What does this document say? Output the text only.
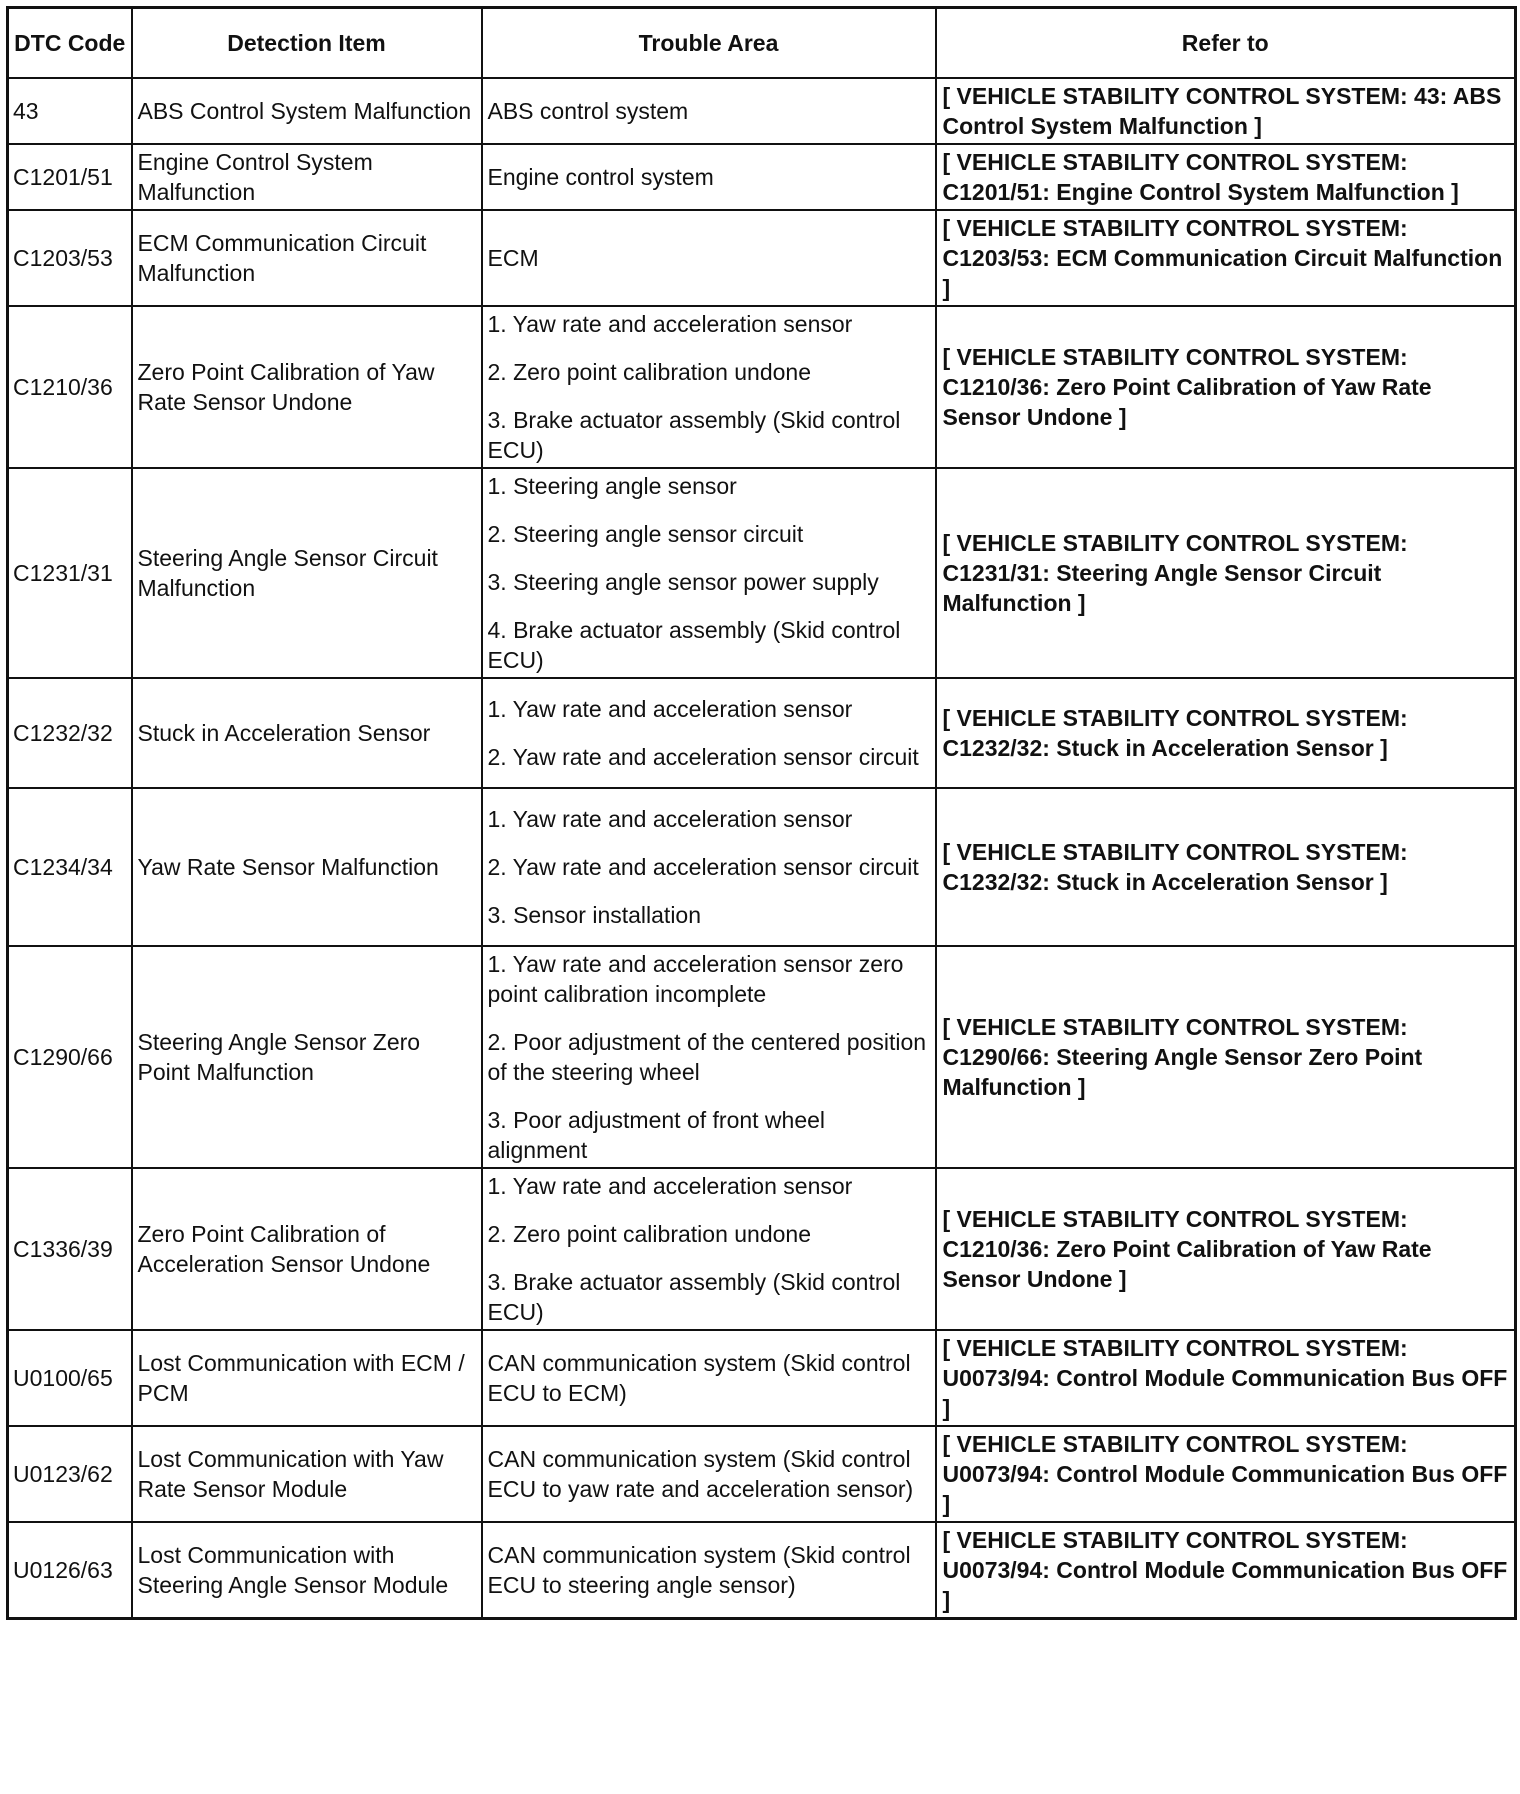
DTC Code	Detection Item	Trouble Area	Refer to
43	ABS Control System Malfunction	ABS control system	[ VEHICLE STABILITY CONTROL SYSTEM: 43: ABS Control System Malfunction ]
C1201/51	Engine Control System Malfunction	Engine control system	[ VEHICLE STABILITY CONTROL SYSTEM: C1201/51: Engine Control System Malfunction ]
C1203/53	ECM Communication Circuit Malfunction	ECM	[ VEHICLE STABILITY CONTROL SYSTEM: C1203/53: ECM Communication Circuit Malfunction ]
C1210/36	Zero Point Calibration of Yaw Rate Sensor Undone	1. Yaw rate and acceleration sensor
2. Zero point calibration undone
3. Brake actuator assembly (Skid control ECU)	[ VEHICLE STABILITY CONTROL SYSTEM: C1210/36: Zero Point Calibration of Yaw Rate Sensor Undone ]
C1231/31	Steering Angle Sensor Circuit Malfunction	1. Steering angle sensor
2. Steering angle sensor circuit
3. Steering angle sensor power supply
4. Brake actuator assembly (Skid control ECU)	[ VEHICLE STABILITY CONTROL SYSTEM: C1231/31: Steering Angle Sensor Circuit Malfunction ]
C1232/32	Stuck in Acceleration Sensor	1. Yaw rate and acceleration sensor
2. Yaw rate and acceleration sensor circuit	[ VEHICLE STABILITY CONTROL SYSTEM: C1232/32: Stuck in Acceleration Sensor ]
C1234/34	Yaw Rate Sensor Malfunction	1. Yaw rate and acceleration sensor
2. Yaw rate and acceleration sensor circuit
3. Sensor installation	[ VEHICLE STABILITY CONTROL SYSTEM: C1232/32: Stuck in Acceleration Sensor ]
C1290/66	Steering Angle Sensor Zero Point Malfunction	1. Yaw rate and acceleration sensor zero point calibration incomplete
2. Poor adjustment of the centered position of the steering wheel
3. Poor adjustment of front wheel alignment	[ VEHICLE STABILITY CONTROL SYSTEM: C1290/66: Steering Angle Sensor Zero Point Malfunction ]
C1336/39	Zero Point Calibration of Acceleration Sensor Undone	1. Yaw rate and acceleration sensor
2. Zero point calibration undone
3. Brake actuator assembly (Skid control ECU)	[ VEHICLE STABILITY CONTROL SYSTEM: C1210/36: Zero Point Calibration of Yaw Rate Sensor Undone ]
U0100/65	Lost Communication with ECM / PCM	CAN communication system (Skid control ECU to ECM)	[ VEHICLE STABILITY CONTROL SYSTEM: U0073/94: Control Module Communication Bus OFF ]
U0123/62	Lost Communication with Yaw Rate Sensor Module	CAN communication system (Skid control ECU to yaw rate and acceleration sensor)	[ VEHICLE STABILITY CONTROL SYSTEM: U0073/94: Control Module Communication Bus OFF ]
U0126/63	Lost Communication with Steering Angle Sensor Module	CAN communication system (Skid control ECU to steering angle sensor)	[ VEHICLE STABILITY CONTROL SYSTEM: U0073/94: Control Module Communication Bus OFF ]
